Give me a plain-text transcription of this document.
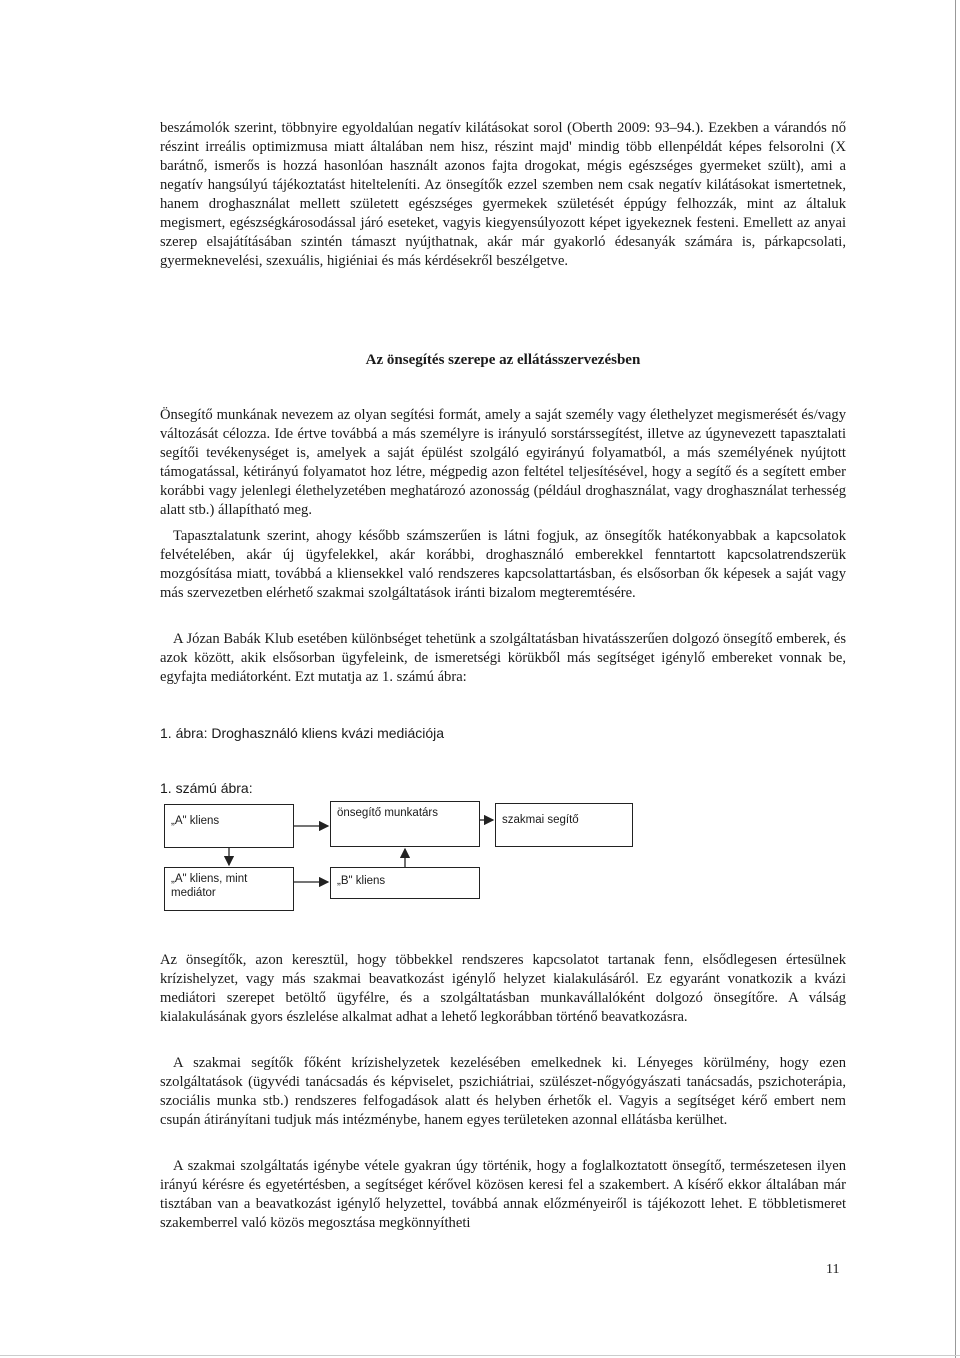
beszámolók szerint, többnyire egyoldalúan negatív kilátásokat sorol (Oberth 2009: 93–94.). Ezekben a várandós nő részint irreális optimizmusa miatt általában nem hisz, részint majd' mindig több ellenpéldát képes felsorolni (X barátnő, ismerős is hozzá hasonlóan használt azonos fajta drogokat, mégis egészséges gyermeket szült), ami a negatív hangsúlyú tájékoztatást hitelteleníti. Az önsegítők ezzel szemben nem csak negatív kilátásokat ismertetnek, hanem droghasználat mellett született egészséges gyermekek születését éppúgy felhozzák, mint az általuk megismert, egészségkárosodással járó eseteket, vagyis kiegyensúlyozott képet igyekeznek festeni. Emellett az anyai szerep elsajátításában szintén támaszt nyújthatnak, akár már gyakorló édesanyák számára is, párkapcsolati, gyermeknevelési, szexuális, higiéniai és más kérdésekről beszélgetve.
Az önsegítés szerepe az ellátásszervezésben
Önsegítő munkának nevezem az olyan segítési formát, amely a saját személy vagy élethelyzet megismerését és/vagy változását célozza. Ide értve továbbá a más személyre is irányuló sorstárssegítést, illetve az úgynevezett tapasztalati segítői tevékenységet is, amelyek a saját épülést szolgáló egyirányú folyamatból, a más személyének nyújtott támogatással, kétirányú folyamatot hoz létre, mégpedig azon feltétel teljesítésével, hogy a segítő és a segített ember korábbi vagy jelenlegi élethelyzetében meghatározó azonosság (például droghasználat, vagy droghasználat terhesség alatt stb.) állapítható meg.
Tapasztalatunk szerint, ahogy később számszerűen is látni fogjuk, az önsegítők hatékonyabbak a kapcsolatok felvételében, akár új ügyfelekkel, akár korábbi, droghasználó emberekkel fenntartott kapcsolatrendszerük mozgósítása miatt, továbbá a kliensekkel való rendszeres kapcsolattartásban, és elsősorban ők képesek a saját vagy más szervezetben elérhető szakmai szolgáltatások iránti bizalom megteremtésére.
A Józan Babák Klub esetében különbséget tehetünk a szolgáltatásban hivatásszerűen dolgozó önsegítő emberek, és azok között, akik elsősorban ügyfeleink, de ismeretségi körükből más segítséget igénylő embereket vonnak be, egyfajta mediátorként. Ezt mutatja az 1. számú ábra:
1. ábra: Droghasználó kliens kvázi mediációja
1. számú ábra:
„A" kliens
önsegítő munkatárs
szakmai segítő
„A" kliens, mint mediátor
„B" kliens
Az önsegítők, azon keresztül, hogy többekkel rendszeres kapcsolatot tartanak fenn, elsődlegesen értesülnek krízishelyzet, vagy más szakmai beavatkozást igénylő helyzet kialakulásáról. Ez egyaránt vonatkozik a kvázi mediátori szerepet betöltő ügyfélre, és a szolgáltatásban munkavállalóként dolgozó önsegítőre. A válság kialakulásának gyors észlelése alkalmat adhat a lehető legkorábban történő beavatkozásra.
A szakmai segítők főként krízishelyzetek kezelésében emelkednek ki. Lényeges körülmény, hogy ezen szolgáltatások (ügyvédi tanácsadás és képviselet, pszichiátriai, szülészet-nőgyógyászati tanácsadás, pszichoterápia, szociális munka stb.) rendszeres felfogadások alatt és helyben érhetők el. Vagyis a segítséget kérő embert nem csupán átirányítani tudjuk más intézménybe, hanem egyes területeken azonnal ellátásba kerülhet.
A szakmai szolgáltatás igénybe vétele gyakran úgy történik, hogy a foglalkoztatott önsegítő, természetesen ilyen irányú kérésre és egyetértésben, a segítséget kérővel közösen keresi fel a szakembert. A kísérő ekkor általában már tisztában van a beavatkozást igénylő helyzettel, továbbá annak előzményeiről is tájékozott lehet. E többletismeret szakemberrel való közös megosztása megkönnyítheti
11
